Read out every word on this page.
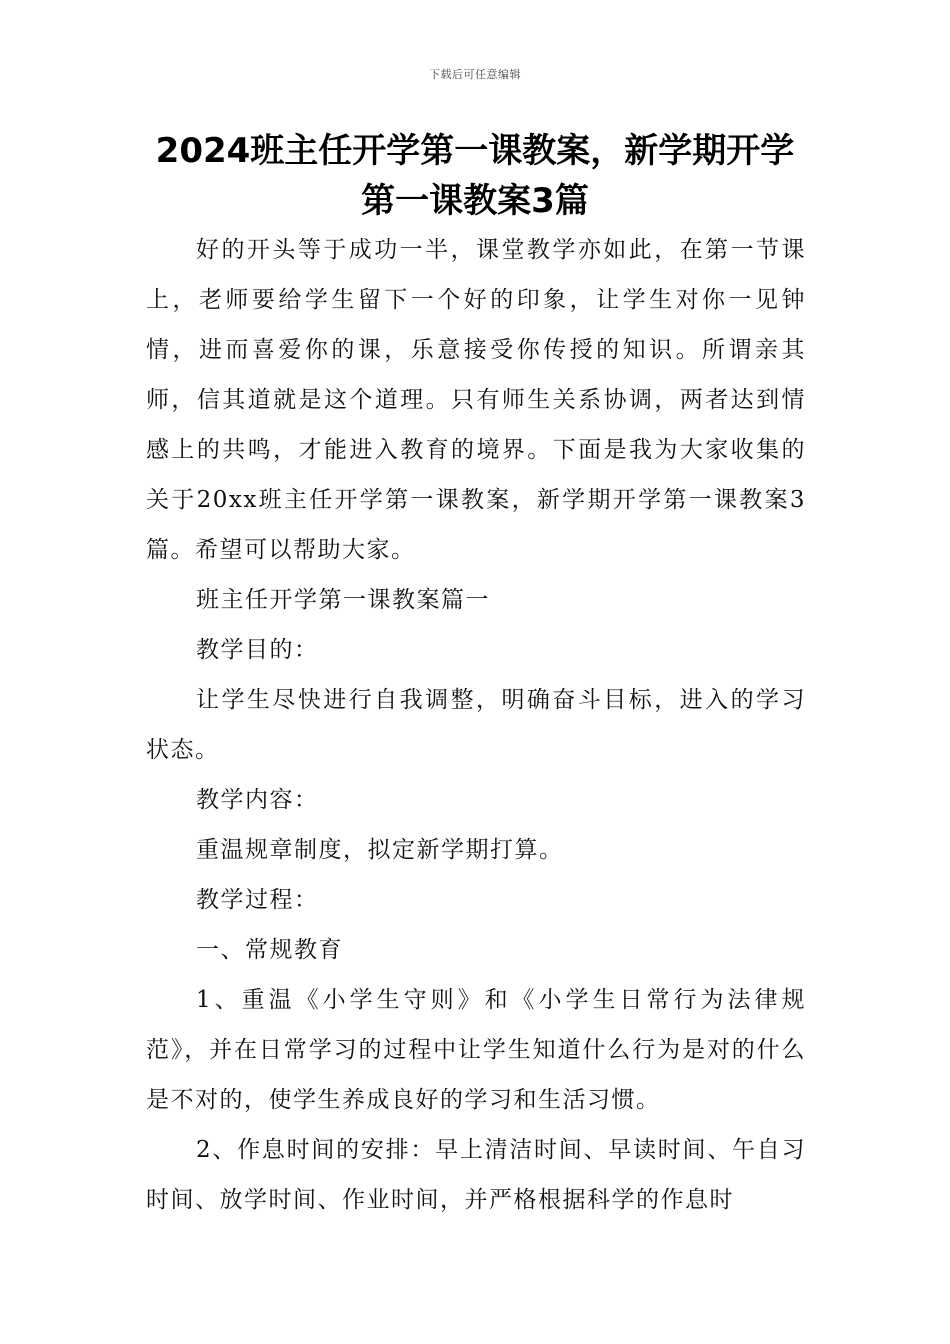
下载后可任意编辑
2024班主任开学第一课教案，新学期开学
第一课教案3篇

好的开头等于成功一半，课堂教学亦如此，在第一节课上，老师要给学生留下一个好的印象，让学生对你一见钟情，进而喜爱你的课，乐意接受你传授的知识。所谓亲其师，信其道就是这个道理。只有师生关系协调，两者达到情感上的共鸣，才能进入教育的境界。下面是我为大家收集的关于20xx班主任开学第一课教案，新学期开学第一课教案3篇。希望可以帮助大家。

班主任开学第一课教案篇一

教学目的：

让学生尽快进行自我调整，明确奋斗目标，进入的学习状态。

教学内容：

重温规章制度，拟定新学期打算。

教学过程：

一、常规教育

1、重温《小学生守则》和《小学生日常行为法律规范》，并在日常学习的过程中让学生知道什么行为是对的什么是不对的，使学生养成良好的学习和生活习惯。

2、作息时间的安排：早上清洁时间、早读时间、午自习时间、放学时间、作业时间，并严格根据科学的作息时
